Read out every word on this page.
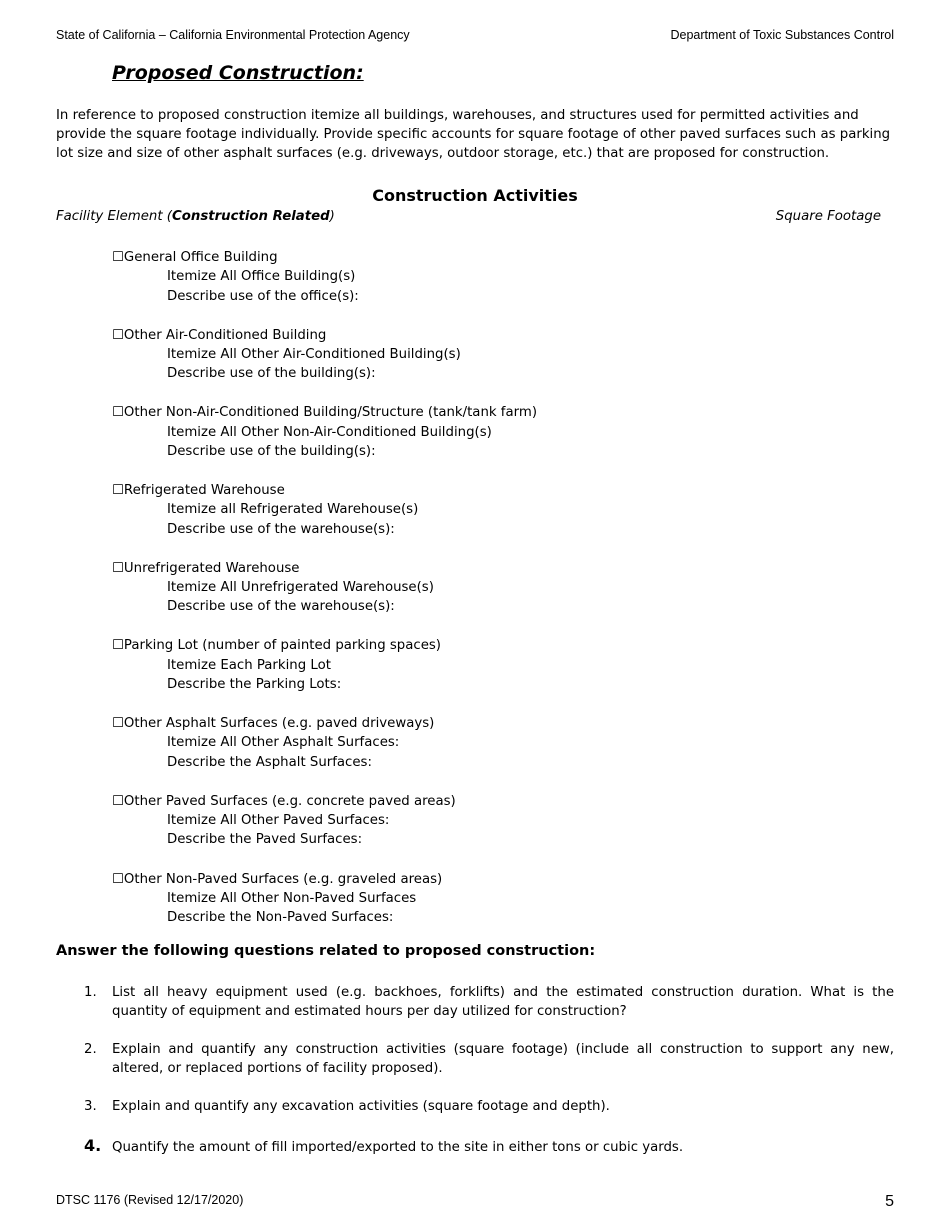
State of California – California Environmental Protection Agency	Department of Toxic Substances Control
Proposed Construction:
In reference to proposed construction itemize all buildings, warehouses, and structures used for permitted activities and provide the square footage individually. Provide specific accounts for square footage of other paved surfaces such as parking lot size and size of other asphalt surfaces (e.g. driveways, outdoor storage, etc.) that are proposed for construction.
Construction Activities
Facility Element (Construction Related)	Square Footage
☐General Office Building
Itemize All Office Building(s)
Describe use of the office(s):
☐Other Air-Conditioned Building
Itemize All Other Air-Conditioned Building(s)
Describe use of the building(s):
☐Other Non-Air-Conditioned Building/Structure (tank/tank farm)
Itemize All Other Non-Air-Conditioned Building(s)
Describe use of the building(s):
☐Refrigerated Warehouse
Itemize all Refrigerated Warehouse(s)
Describe use of the warehouse(s):
☐Unrefrigerated Warehouse
Itemize All Unrefrigerated Warehouse(s)
Describe use of the warehouse(s):
☐Parking Lot (number of painted parking spaces)
Itemize Each Parking Lot
Describe the Parking Lots:
☐Other Asphalt Surfaces (e.g. paved driveways)
Itemize All Other Asphalt Surfaces:
Describe the Asphalt Surfaces:
☐Other Paved Surfaces (e.g. concrete paved areas)
Itemize All Other Paved Surfaces:
Describe the Paved Surfaces:
☐Other Non-Paved Surfaces (e.g. graveled areas)
Itemize All Other Non-Paved Surfaces
Describe the Non-Paved Surfaces:
Answer the following questions related to proposed construction:
1.	List all heavy equipment used (e.g. backhoes, forklifts) and the estimated construction duration. What is the quantity of equipment and estimated hours per day utilized for construction?
2.	Explain and quantify any construction activities (square footage) (include all construction to support any new, altered, or replaced portions of facility proposed).
3.	Explain and quantify any excavation activities (square footage and depth).
4. Quantify the amount of fill imported/exported to the site in either tons or cubic yards.
DTSC 1176 (Revised 12/17/2020)	5
